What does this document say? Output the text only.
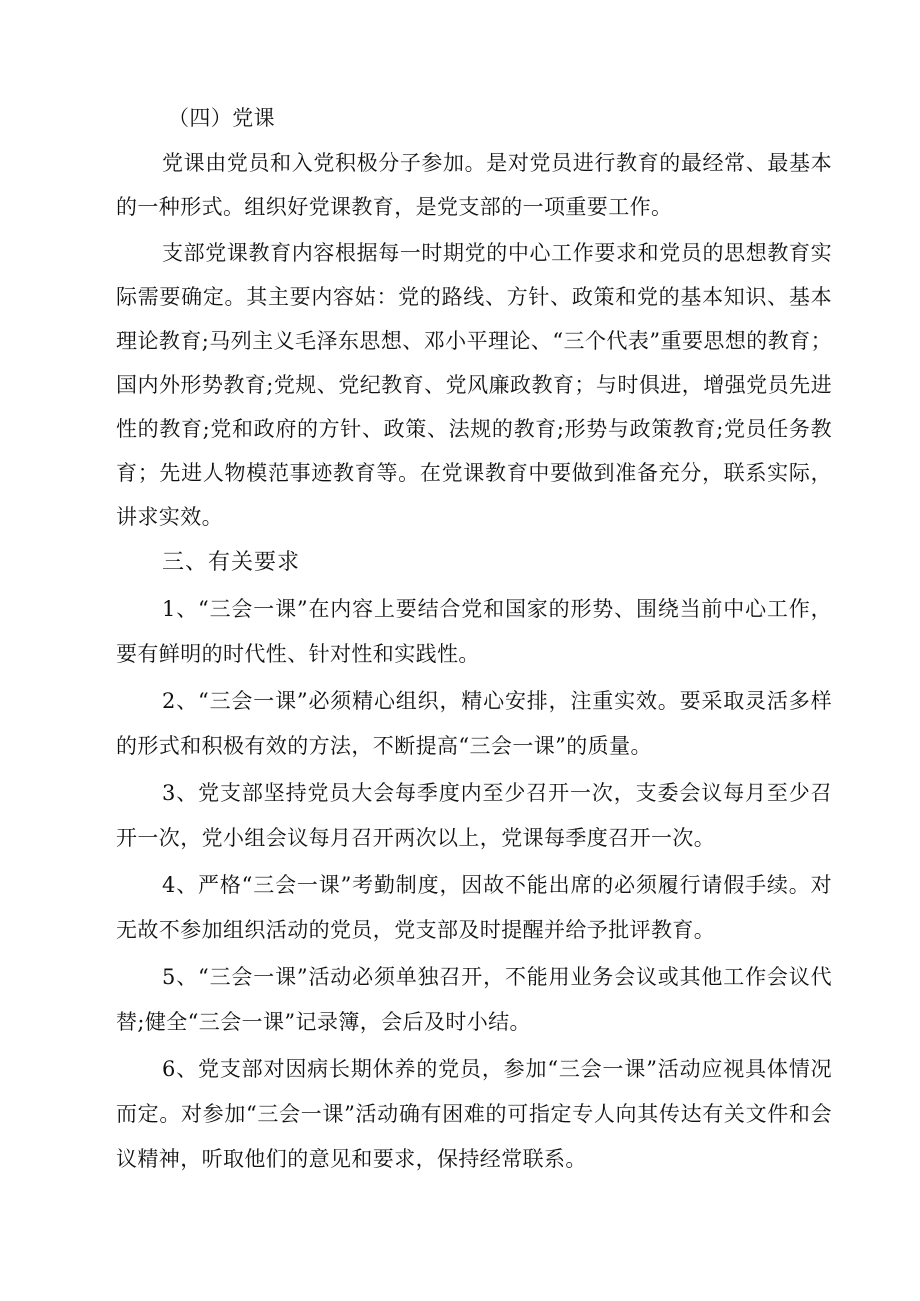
（四）党课

党课由党员和入党积极分子参加。是对党员进行教育的最经常、最基本的一种形式。组织好党课教育，是党支部的一项重要工作。

支部党课教育内容根据每一时期党的中心工作要求和党员的思想教育实际需要确定。其主要内容姑：党的路线、方针、政策和党的基本知识、基本理论教育;马列主义毛泽东思想、邓小平理论、“三个代表”重要思想的教育；国内外形势教育;党规、党纪教育、党风廉政教育；与时俱进，增强党员先进性的教育;党和政府的方针、政策、法规的教育;形势与政策教育;党员任务教育；先进人物模范事迹教育等。在党课教育中要做到准备充分，联系实际，讲求实效。

三、有关要求

1、“三会一课”在内容上要结合党和国家的形势、围绕当前中心工作，要有鲜明的时代性、针对性和实践性。

2、“三会一课”必须精心组织，精心安排，注重实效。要采取灵活多样的形式和积极有效的方法，不断提高“三会一课”的质量。

3、党支部坚持党员大会每季度内至少召开一次，支委会议每月至少召开一次，党小组会议每月召开两次以上，党课每季度召开一次。

4、严格“三会一课”考勤制度，因故不能出席的必须履行请假手续。对无故不参加组织活动的党员，党支部及时提醒并给予批评教育。

5、“三会一课”活动必须单独召开，不能用业务会议或其他工作会议代替;健全“三会一课”记录簿，会后及时小结。

6、党支部对因病长期休养的党员，参加“三会一课”活动应视具体情况而定。对参加“三会一课”活动确有困难的可指定专人向其传达有关文件和会议精神，听取他们的意见和要求，保持经常联系。
